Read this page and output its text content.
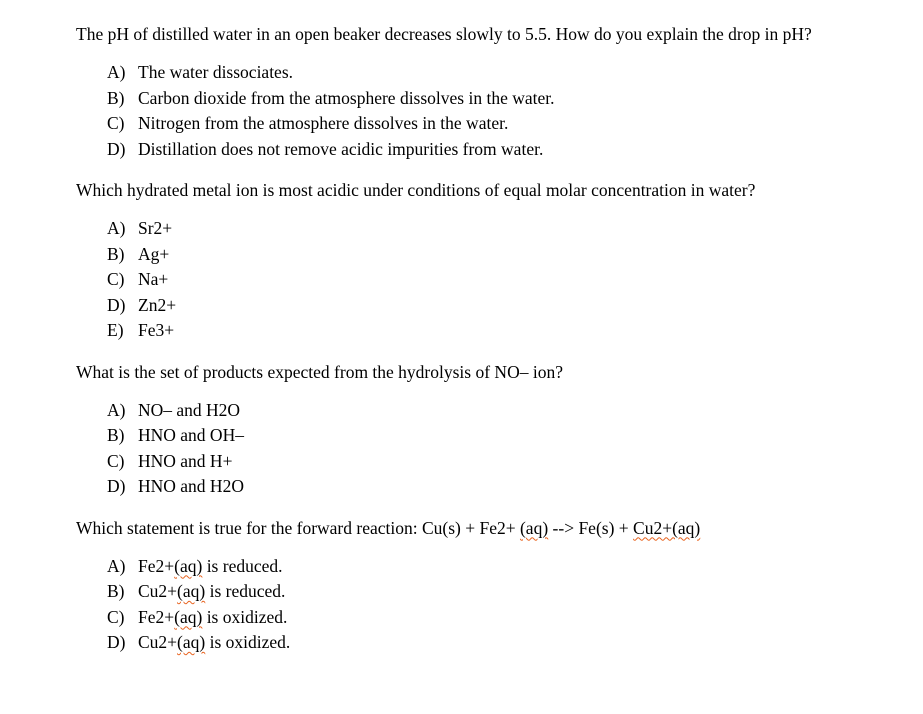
The pH of distilled water in an open beaker decreases slowly to 5.5. How do you explain the drop in pH?

A) The water dissociates.
B) Carbon dioxide from the atmosphere dissolves in the water.
C) Nitrogen from the atmosphere dissolves in the water.
D) Distillation does not remove acidic impurities from water.

Which hydrated metal ion is most acidic under conditions of equal molar concentration in water?

A) Sr2+
B) Ag+
C) Na+
D) Zn2+
E) Fe3+

What is the set of products expected from the hydrolysis of NO– ion?

A) NO– and H2O
B) HNO and OH–
C) HNO and H+
D) HNO and H2O

Which statement is true for the forward reaction: Cu(s) + Fe2+ (aq) --> Fe(s) + Cu2+(aq)

A) Fe2+(aq) is reduced.
B) Cu2+(aq) is reduced.
C) Fe2+(aq) is oxidized.
D) Cu2+(aq) is oxidized.
